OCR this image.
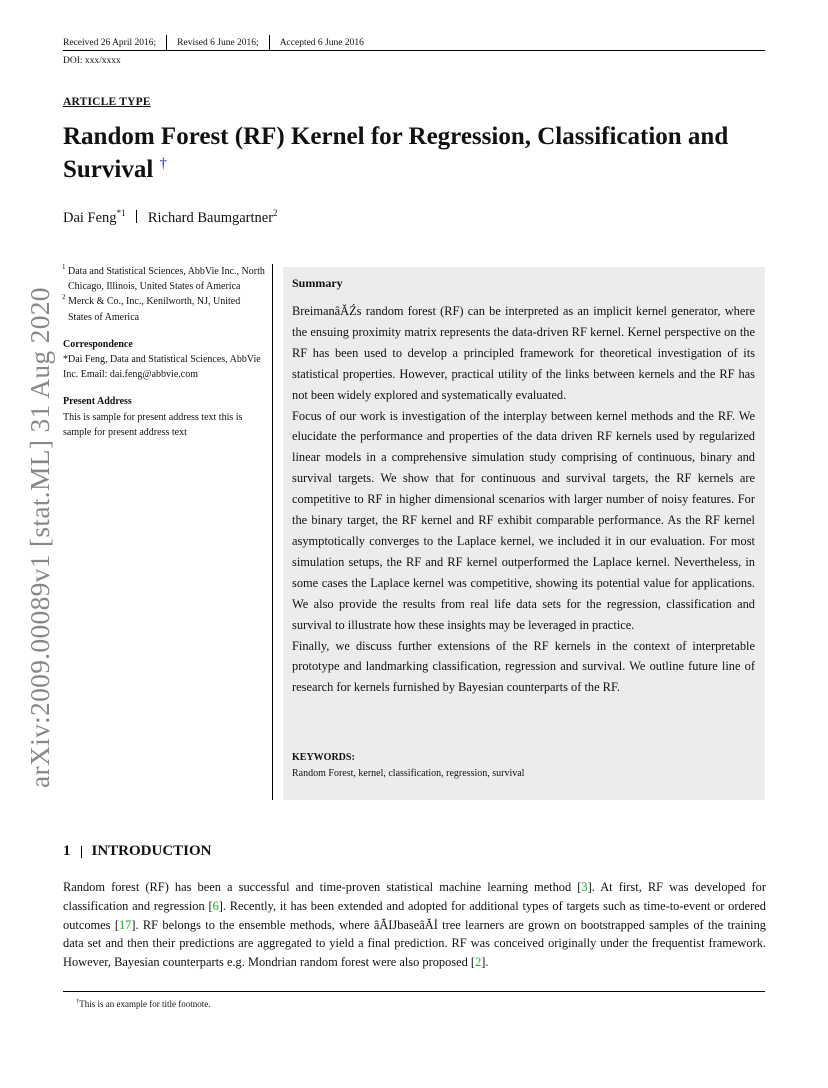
Received 26 April 2016; Revised 6 June 2016; Accepted 6 June 2016
DOI: xxx/xxxx
ARTICLE TYPE
Random Forest (RF) Kernel for Regression, Classification and Survival †
Dai Feng$^{*1}$ Richard Baumgartner$^2$
arXiv:2009.00089v1 [stat.ML] 31 Aug 2020
1 Data and Statistical Sciences, AbbVie Inc., North Chicago, Illinois, United States of America
2 Merck & Co., Inc., Kenilworth, NJ, United States of America
Correspondence
*Dai Feng, Data and Statistical Sciences, AbbVie Inc. Email: dai.feng@abbvie.com
Present Address
This is sample for present address text this is sample for present address text
Summary

BreimanâĂŹs random forest (RF) can be interpreted as an implicit kernel generator, where the ensuing proximity matrix represents the data-driven RF kernel. Kernel perspective on the RF has been used to develop a principled framework for theoretical investigation of its statistical properties. However, practical utility of the links between kernels and the RF has not been widely explored and systematically evaluated.

Focus of our work is investigation of the interplay between kernel methods and the RF. We elucidate the performance and properties of the data driven RF kernels used by regularized linear models in a comprehensive simulation study comprising of continuous, binary and survival targets. We show that for continuous and survival targets, the RF kernels are competitive to RF in higher dimensional scenarios with larger number of noisy features. For the binary target, the RF kernel and RF exhibit comparable performance. As the RF kernel asymptotically converges to the Laplace kernel, we included it in our evaluation. For most simulation setups, the RF and RF kernel outperformed the Laplace kernel. Nevertheless, in some cases the Laplace kernel was competitive, showing its potential value for applications. We also provide the results from real life data sets for the regression, classification and survival to illustrate how these insights may be leveraged in practice.

Finally, we discuss further extensions of the RF kernels in the context of interpretable prototype and landmarking classification, regression and survival. We outline future line of research for kernels furnished by Bayesian counterparts of the RF.

KEYWORDS:
Random Forest, kernel, classification, regression, survival
1 INTRODUCTION

Random forest (RF) has been a successful and time-proven statistical machine learning method [3]. At first, RF was developed for classification and regression [6]. Recently, it has been extended and adopted for additional types of targets such as time-to-event or ordered outcomes [17]. RF belongs to the ensemble methods, where âĂIJbaseâĂİ tree learners are grown on bootstrapped samples of the training data set and then their predictions are aggregated to yield a final prediction. RF was conceived originally under the frequentist framework. However, Bayesian counterparts e.g. Mondrian random forest were also proposed [2].

†This is an example for title footnote.
